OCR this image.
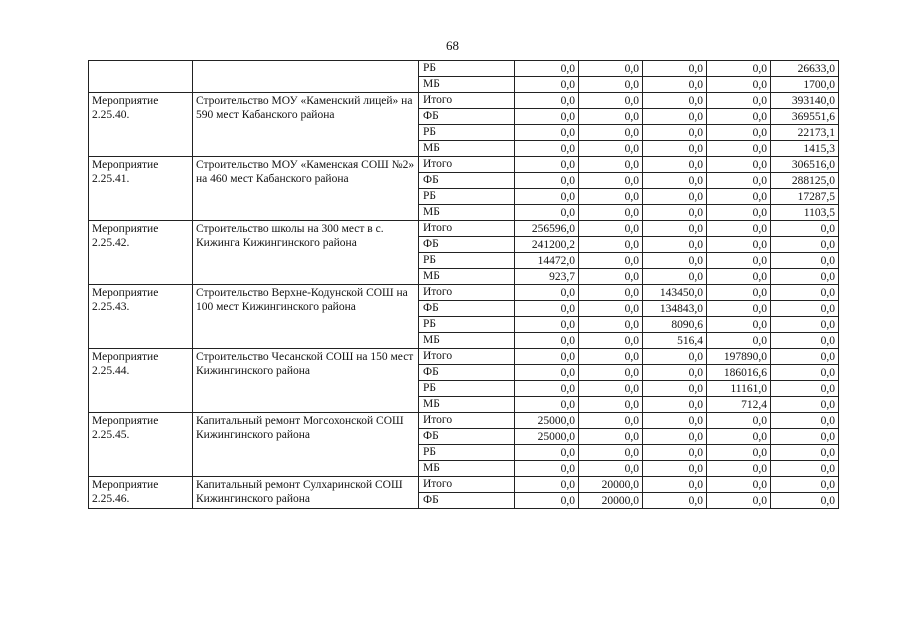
68
		РБ	0,0	0,0	0,0	0,0	26633,0
		МБ	0,0	0,0	0,0	0,0	1700,0
Мероприятие 2.25.40.	Строительство МОУ «Каменский лицей» на 590 мест Кабанского района	Итого	0,0	0,0	0,0	0,0	393140,0
		ФБ	0,0	0,0	0,0	0,0	369551,6
		РБ	0,0	0,0	0,0	0,0	22173,1
		МБ	0,0	0,0	0,0	0,0	1415,3
Мероприятие 2.25.41.	Строительство МОУ «Каменская СОШ №2» на 460 мест Кабанского района	Итого	0,0	0,0	0,0	0,0	306516,0
		ФБ	0,0	0,0	0,0	0,0	288125,0
		РБ	0,0	0,0	0,0	0,0	17287,5
		МБ	0,0	0,0	0,0	0,0	1103,5
Мероприятие 2.25.42.	Строительство школы на 300 мест в с. Кижинга Кижингинского района	Итого	256596,0	0,0	0,0	0,0	0,0
		ФБ	241200,2	0,0	0,0	0,0	0,0
		РБ	14472,0	0,0	0,0	0,0	0,0
		МБ	923,7	0,0	0,0	0,0	0,0
Мероприятие 2.25.43.	Строительство Верхне-Кодунской СОШ на 100 мест Кижингинского района	Итого	0,0	0,0	143450,0	0,0	0,0
		ФБ	0,0	0,0	134843,0	0,0	0,0
		РБ	0,0	0,0	8090,6	0,0	0,0
		МБ	0,0	0,0	516,4	0,0	0,0
Мероприятие 2.25.44.	Строительство Чесанской СОШ на 150 мест Кижингинского района	Итого	0,0	0,0	0,0	197890,0	0,0
		ФБ	0,0	0,0	0,0	186016,6	0,0
		РБ	0,0	0,0	0,0	11161,0	0,0
		МБ	0,0	0,0	0,0	712,4	0,0
Мероприятие 2.25.45.	Капитальный ремонт Могсохонской СОШ Кижингинского района	Итого	25000,0	0,0	0,0	0,0	0,0
		ФБ	25000,0	0,0	0,0	0,0	0,0
		РБ	0,0	0,0	0,0	0,0	0,0
		МБ	0,0	0,0	0,0	0,0	0,0
Мероприятие 2.25.46.	Капитальный ремонт Сулхаринской СОШ Кижингинского района	Итого	0,0	20000,0	0,0	0,0	0,0
		ФБ	0,0	20000,0	0,0	0,0	0,0
